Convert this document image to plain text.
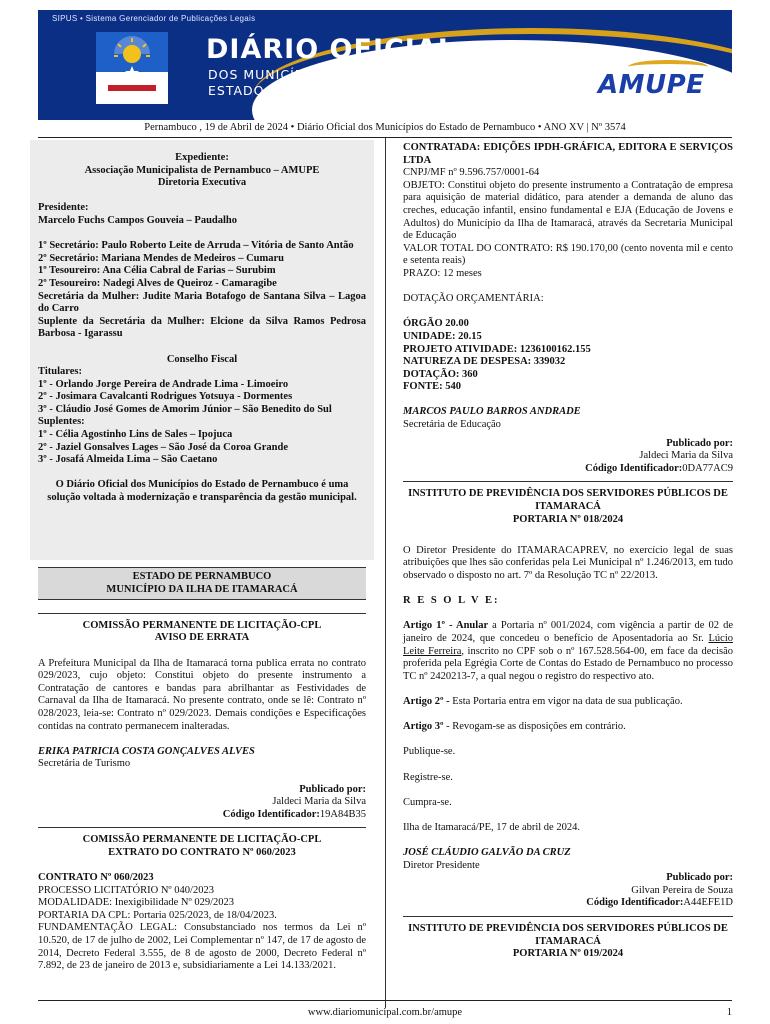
SIPUS • Sistema Gerenciador de Publicações Legais
DIÁRIO OFICIAL
DOS MUNICÍPIOS DO
ESTADO DE PERNAMBUCO	AMUPE
Pernambuco , 19 de Abril de 2024 • Diário Oficial dos Municípios do Estado de Pernambuco • ANO XV | Nº 3574

Expediente:

Associação Municipalista de Pernambuco – AMUPE

Diretoria Executiva

Presidente:

Marcelo Fuchs Campos Gouveia – Paudalho

1º Secretário: Paulo Roberto Leite de Arruda – Vitória de Santo Antão

2º Secretário: Mariana Mendes de Medeiros – Cumaru

1º Tesoureiro: Ana Célia Cabral de Farias – Surubim

2º Tesoureiro: Nadegi Alves de Queiroz - Camaragibe

Secretária da Mulher: Judite Maria Botafogo de Santana Silva – Lagoa do Carro

Suplente da Secretária da Mulher: Elcione da Silva Ramos Pedrosa Barbosa - Igarassu

Conselho Fiscal

Titulares:

1º - Orlando Jorge Pereira de Andrade Lima - Limoeiro

2º - Josimara Cavalcanti Rodrigues Yotsuya - Dormentes

3º - Cláudio José Gomes de Amorim Júnior – São Benedito do Sul

Suplentes:

1º - Célia Agostinho Lins de Sales – Ipojuca

2º - Jaziel Gonsalves Lages – São José da Coroa Grande

3º - Josafá Almeida Lima – São Caetano

O Diário Oficial dos Municípios do Estado de Pernambuco é uma solução voltada à modernização e transparência da gestão municipal.

ESTADO DE PERNAMBUCO

MUNICÍPIO DA ILHA DE ITAMARACÁ

COMISSÃO PERMANENTE DE LICITAÇÃO-CPL

AVISO DE ERRATA

A Prefeitura Municipal da Ilha de Itamaracá torna publica errata no contrato 029/2023, cujo objeto: Constitui objeto do presente instrumento a Contratação de cantores e bandas para abrilhantar as Festividades de Carnaval da Ilha de Itamaracá. No presente contrato, onde se lê: Contrato nº 028/2023, leia-se: Contrato nº 029/2023. Demais condições e Especificações contidas na contrato permanecem inalteradas.

ERIKA PATRICIA COSTA GONÇALVES ALVES

Secretária de Turismo

Publicado por:

Jaldeci Maria da Silva

Código Identificador:19A84B35

COMISSÃO PERMANENTE DE LICITAÇÃO-CPL

EXTRATO DO CONTRATO Nº 060/2023

CONTRATO Nº 060/2023

PROCESSO LICITATÓRIO Nº 040/2023

MODALIDADE: Inexigibilidade Nº 029/2023

PORTARIA DA CPL: Portaria 025/2023, de 18/04/2023.

FUNDAMENTAÇÃO LEGAL: Consubstanciado nos termos da Lei nº 10.520, de 17 de julho de 2002, Lei Complementar nº 147, de 17 de agosto de 2014, Decreto Federal 3.555, de 8 de agosto de 2000, Decreto Federal nº 7.892, de 23 de janeiro de 2013 e, subsidiariamente a Lei 14.133/2021.

CONTRATADA: EDIÇÕES IPDH-GRÁFICA, EDITORA E SERVIÇOS LTDA

CNPJ/MF nº 9.596.757/0001-64

OBJETO: Constitui objeto do presente instrumento a Contratação de empresa para aquisição de material didático, para atender a demanda de aluno das creches, educação infantil, ensino fundamental e EJA (Educação de Jovens e Adultos) do Município da Ilha de Itamaracá, através da Secretaria Municipal de Educação

VALOR TOTAL DO CONTRATO: R$ 190.170,00 (cento noventa mil e cento e setenta reais)

PRAZO: 12 meses

DOTAÇÃO ORÇAMENTÁRIA:

ÓRGÃO 20.00

UNIDADE: 20.15

PROJETO ATIVIDADE: 1236100162.155

NATUREZA DE DESPESA: 339032

DOTAÇÃO: 360

FONTE: 540

MARCOS PAULO BARROS ANDRADE

Secretária de Educação

Publicado por:

Jaldeci Maria da Silva

Código Identificador:0DA77AC9

INSTITUTO DE PREVIDÊNCIA DOS SERVIDORES PÚBLICOS DE ITAMARACÁ

PORTARIA Nº 018/2024

O Diretor Presidente do ITAMARACAPREV, no exercício legal de suas atribuições que lhes são conferidas pela Lei Municipal nº 1.246/2013, em tudo observado o disposto no art. 7º da Resolução TC nº 22/2013.

R E S O L V E:

Artigo 1º - Anular a Portaria nº 001/2024, com vigência a partir de 02 de janeiro de 2024, que concedeu o benefício de Aposentadoria ao Sr. Lúcio Leite Ferreira, inscrito no CPF sob o nº 167.528.564-00, em face da decisão proferida pela Egrégia Corte de Contas do Estado de Pernambuco no processo TC nº 2420213-7, a qual negou o registro do respectivo ato.

Artigo 2º - Esta Portaria entra em vigor na data de sua publicação.

Artigo 3º - Revogam-se as disposições em contrário.

Publique-se.

Registre-se.

Cumpra-se.

Ilha de Itamaracá/PE, 17 de abril de 2024.

JOSÉ CLÁUDIO GALVÃO DA CRUZ

Diretor Presidente

Publicado por:

Gilvan Pereira de Souza

Código Identificador:A44EFE1D

INSTITUTO DE PREVIDÊNCIA DOS SERVIDORES PÚBLICOS DE ITAMARACÁ

PORTARIA Nº 019/2024

www.diariomunicipal.com.br/amupe	1
